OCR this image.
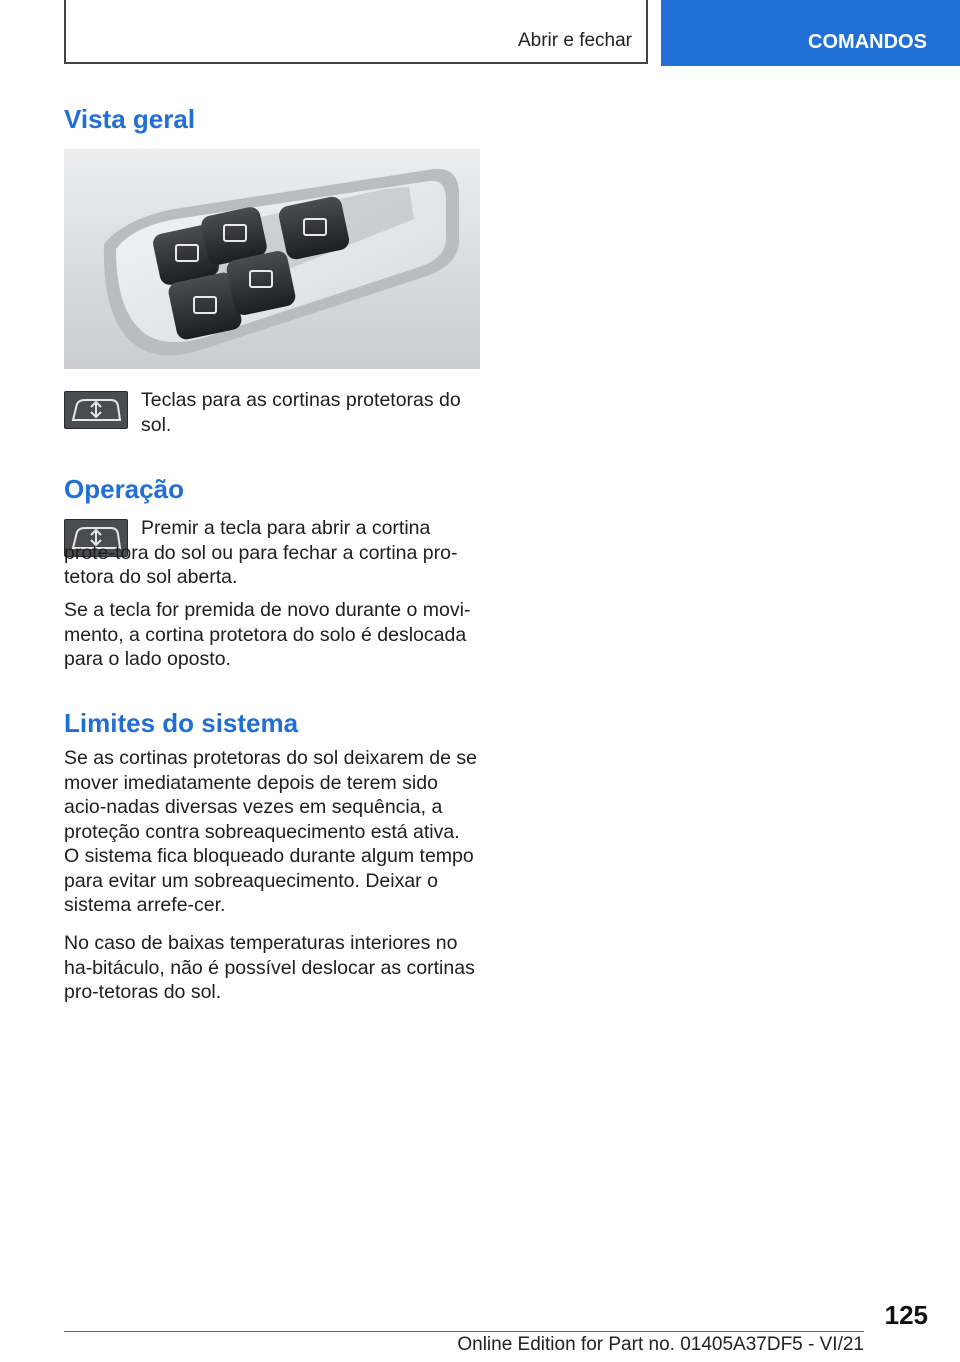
Abrir e fechar	COMANDOS
Vista geral

Teclas para as cortinas protetoras do sol.

Operação

Premir a tecla para abrir a cortina prote-tora do sol ou para fechar a cortina pro-tetora do sol aberta.

Se a tecla for premida de novo durante o movi-mento, a cortina protetora do solo é deslocada para o lado oposto.

Limites do sistema

Se as cortinas protetoras do sol deixarem de se mover imediatamente depois de terem sido acio-nadas diversas vezes em sequência, a proteção contra sobreaquecimento está ativa. O sistema fica bloqueado durante algum tempo para evitar um sobreaquecimento. Deixar o sistema arrefe-cer.

No caso de baixas temperaturas interiores no ha-bitáculo, não é possível deslocar as cortinas pro-tetoras do sol.

125
Online Edition for Part no. 01405A37DF5 - VI/21
